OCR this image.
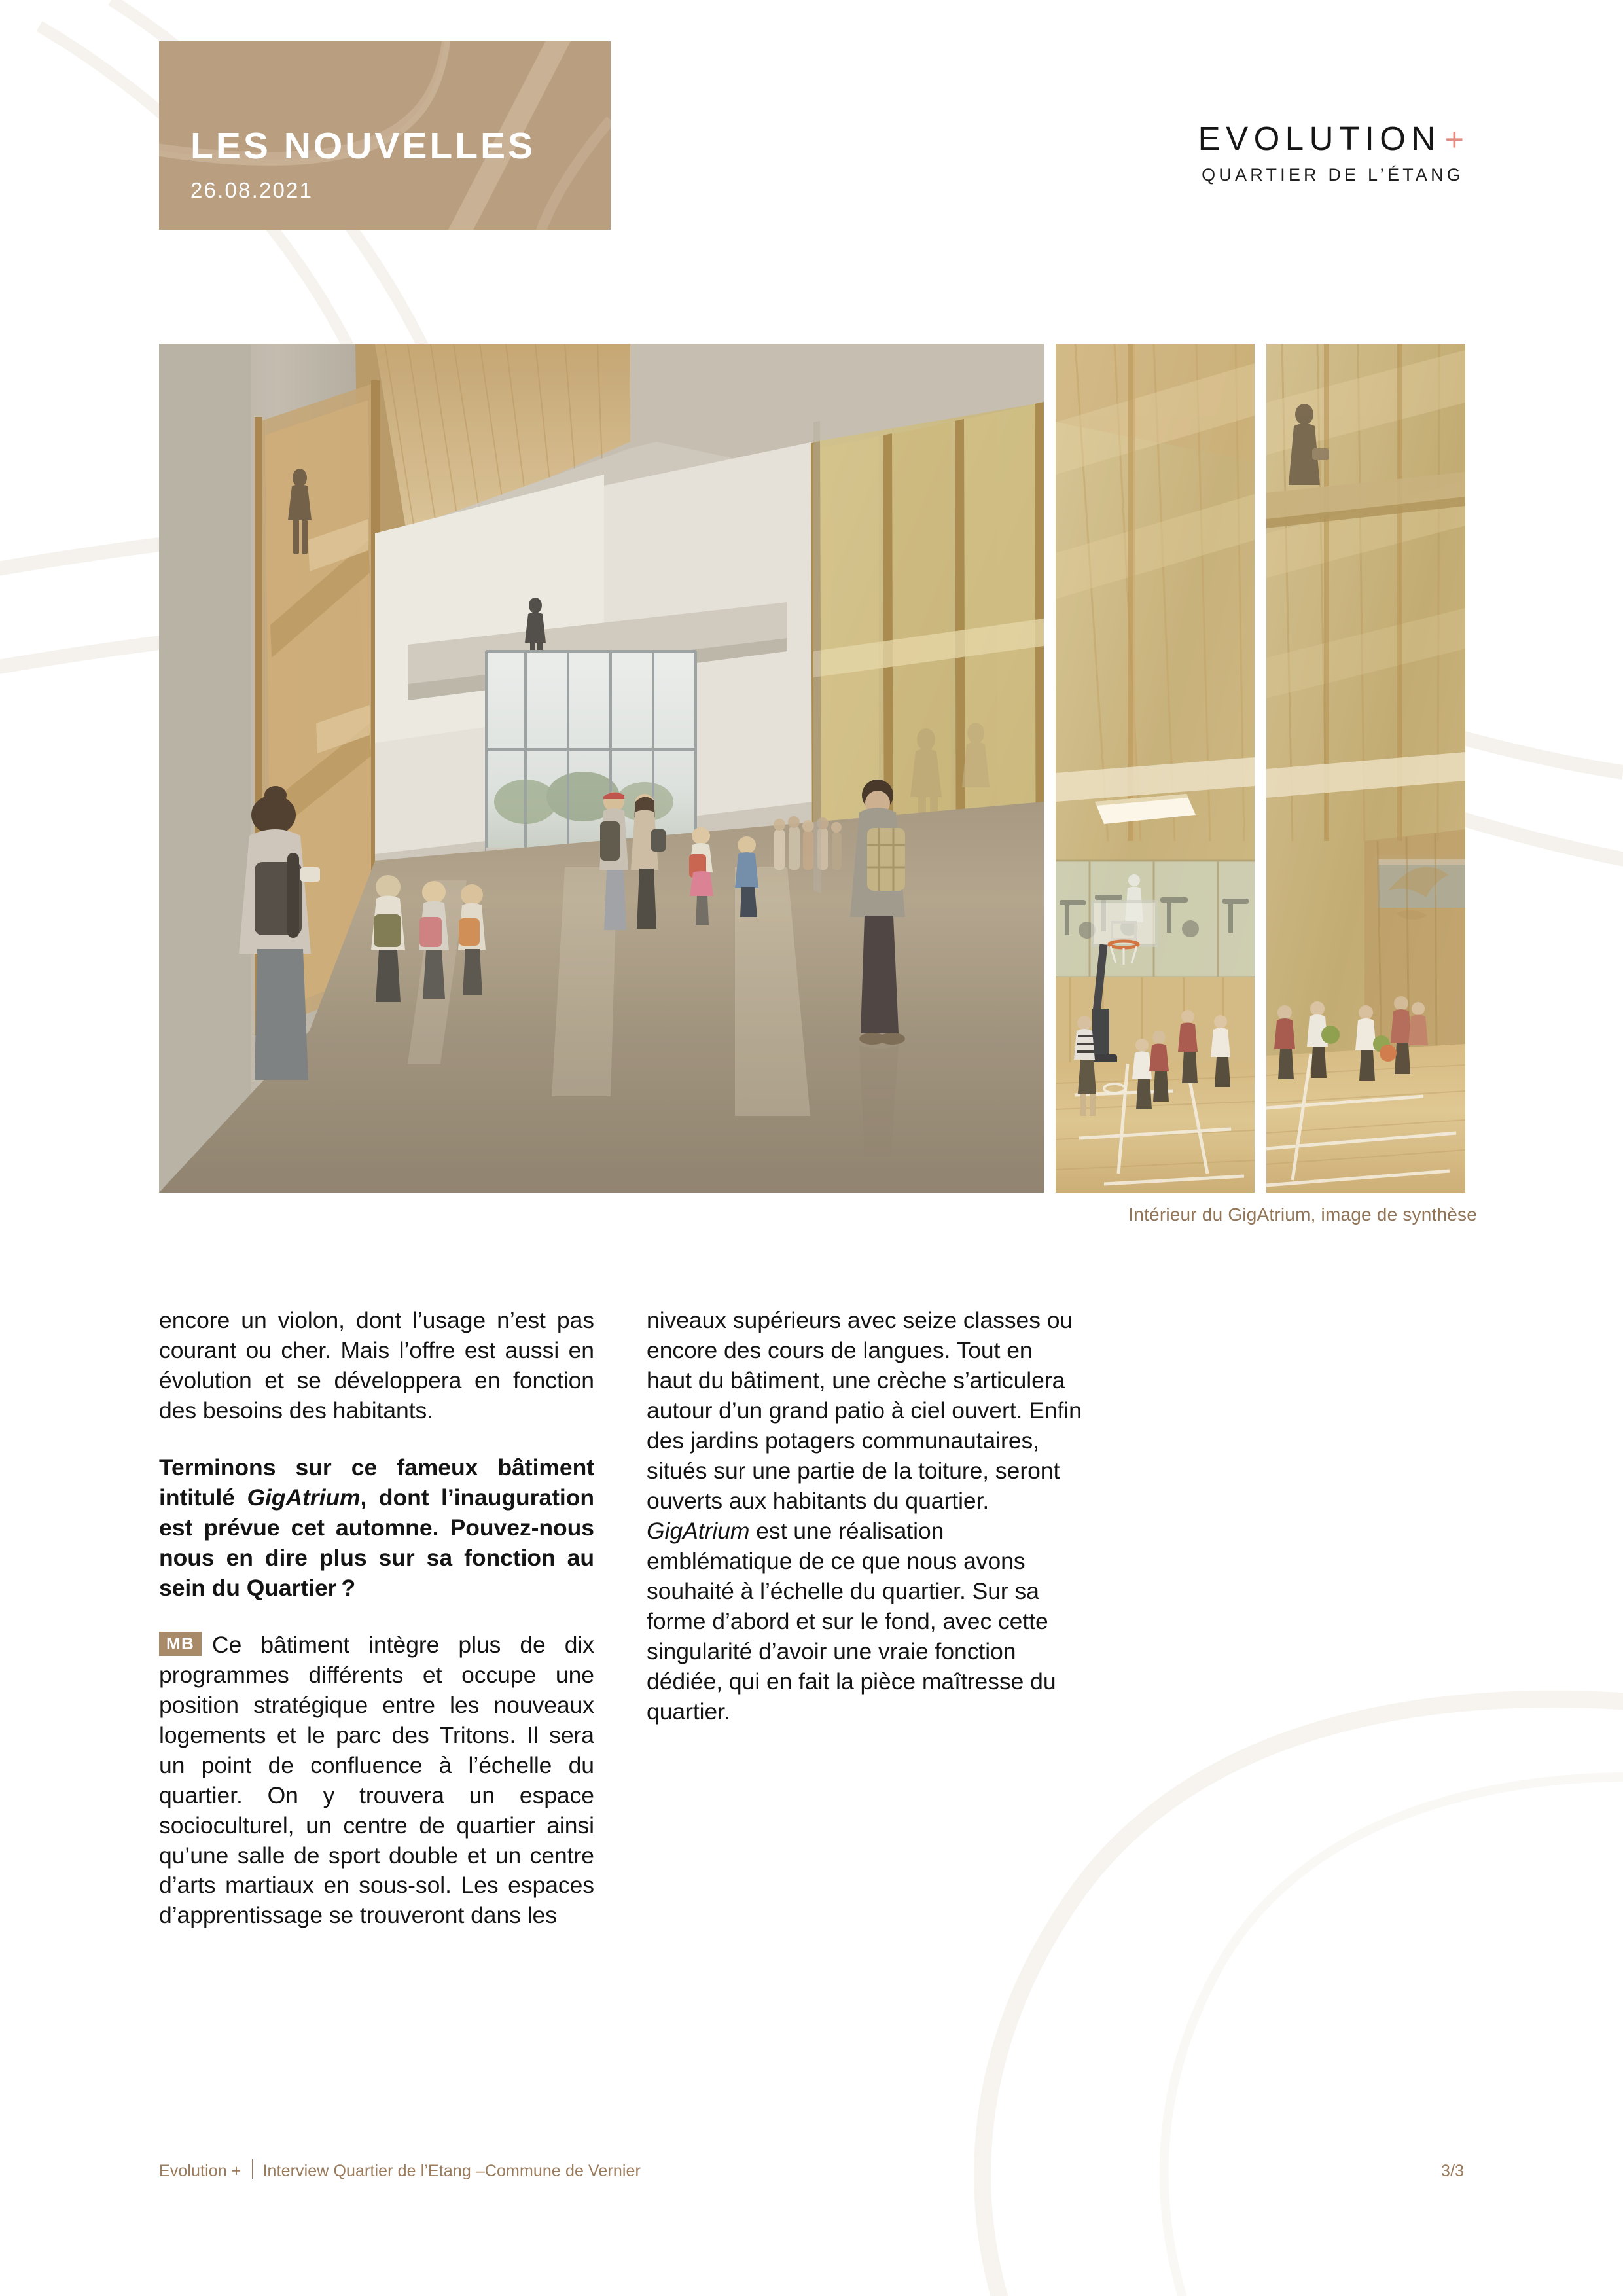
LES NOUVELLES
26.08.2021
EVOLUTION +
QUARTIER DE L’ÉTANG
Intérieur du GigAtrium, image de synthèse

encore un violon, dont l’usage n’est pas courant ou cher. Mais l’offre est aussi en évolution et se développera en fonction des besoins des habitants.

Terminons sur ce fameux bâtiment intitulé GigAtrium, dont l’inauguration est prévue cet automne. Pouvez-nous nous en dire plus sur sa fonction au sein du Quartier ?

MB Ce bâtiment intègre plus de dix programmes différents et occupe une position stratégique entre les nouveaux logements et le parc des Tritons. Il sera un point de confluence à l’échelle du quartier. On y trouvera un espace socioculturel, un centre de quartier ainsi qu’une salle de sport double et un centre d’arts martiaux en sous-sol. Les espaces d’apprentissage se trouveront dans les

niveaux supérieurs avec seize classes ou encore des cours de langues. Tout en haut du bâtiment, une crèche s’articulera autour d’un grand patio à ciel ouvert. Enfin des jardins potagers communautaires, situés sur une partie de la toiture, seront ouverts aux habitants du quartier. GigAtrium est une réalisation emblématique de ce que nous avons souhaité à l’échelle du quartier. Sur sa forme d’abord et sur le fond, avec cette singularité d’avoir une vraie fonction dédiée, qui en fait la pièce maîtresse du quartier.

Evolution + Interview Quartier de l’Etang –Commune de Vernier	3/3
